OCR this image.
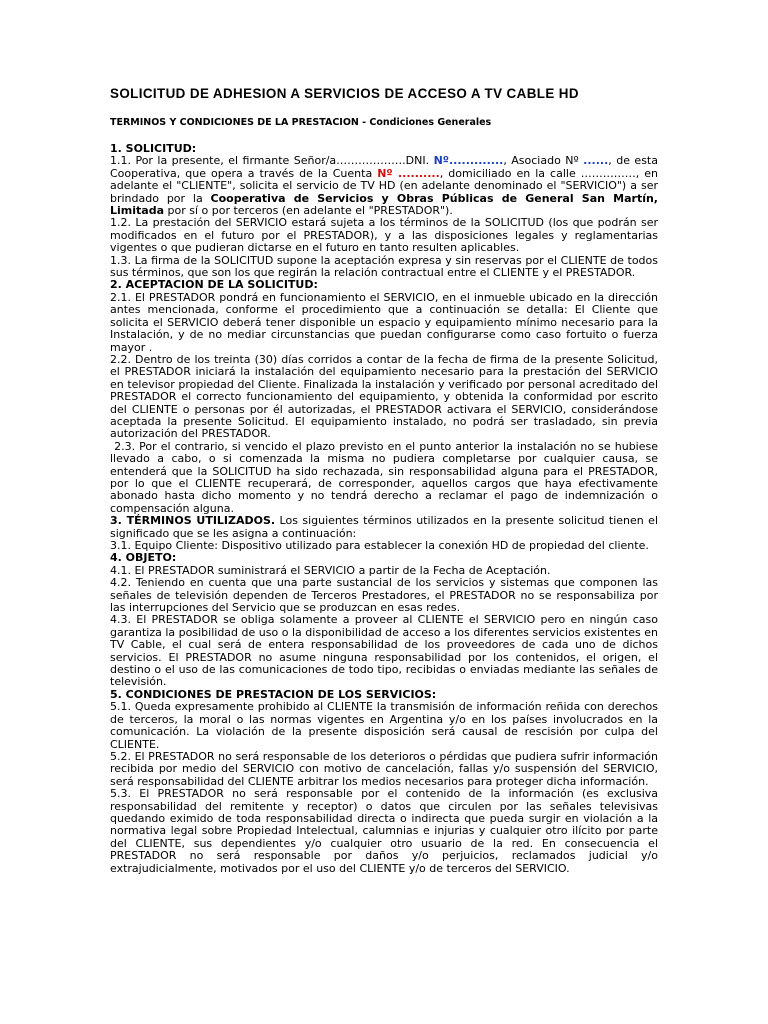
SOLICITUD DE ADHESION A SERVICIOS DE ACCESO A TV CABLE HD
TERMINOS Y CONDICIONES DE LA PRESTACION - Condiciones Generales
1. SOLICITUD:

1.1. Por la presente, el firmante Señor/a……………….DNI. Nº............., Asociado Nº ......, de esta Cooperativa, que opera a través de la Cuenta Nº .........., domiciliado en la calle ……………, en adelante el "CLIENTE", solicita el servicio de TV HD (en adelante denominado el "SERVICIO") a ser brindado por la Cooperativa de Servicios y Obras Públicas de General San Martín, Limitada por sí o por terceros (en adelante el "PRESTADOR").

1.2. La prestación del SERVICIO estará sujeta a los términos de la SOLICITUD (los que podrán ser modificados en el futuro por el PRESTADOR), y a las disposiciones legales y reglamentarias vigentes o que pudieran dictarse en el futuro en tanto resulten aplicables.

1.3. La firma de la SOLICITUD supone la aceptación expresa y sin reservas por el CLIENTE de todos sus términos, que son los que regirán la relación contractual entre el CLIENTE y el PRESTADOR.

2. ACEPTACION DE LA SOLICITUD:

2.1. El PRESTADOR pondrá en funcionamiento el SERVICIO, en el inmueble ubicado en la dirección antes mencionada, conforme el procedimiento que a continuación se detalla: El Cliente que solicita el SERVICIO deberá tener disponible un espacio y equipamiento mínimo necesario para la Instalación, y de no mediar circunstancias que puedan configurarse como caso fortuito o fuerza mayor .

2.2. Dentro de los treinta (30) días corridos a contar de la fecha de firma de la presente Solicitud, el PRESTADOR iniciará la instalación del equipamiento necesario para la prestación del SERVICIO en televisor propiedad del Cliente. Finalizada la instalación y verificado por personal acreditado del PRESTADOR el correcto funcionamiento del equipamiento, y obtenida la conformidad por escrito del CLIENTE o personas por él autorizadas, el PRESTADOR activara el SERVICIO, considerándose aceptada la presente Solicitud. El equipamiento instalado, no podrá ser trasladado, sin previa autorización del PRESTADOR.

2.3. Por el contrario, si vencido el plazo previsto en el punto anterior la instalación no se hubiese llevado a cabo, o si comenzada la misma no pudiera completarse por cualquier causa, se entenderá que la SOLICITUD ha sido rechazada, sin responsabilidad alguna para el PRESTADOR, por lo que el CLIENTE recuperará, de corresponder, aquellos cargos que haya efectivamente abonado hasta dicho momento y no tendrá derecho a reclamar el pago de indemnización o compensación alguna.

3. TÉRMINOS UTILIZADOS. Los siguientes términos utilizados en la presente solicitud tienen el significado que se les asigna a continuación:

3.1. Equipo Cliente: Dispositivo utilizado para establecer la conexión HD de propiedad del cliente.

4. OBJETO:

4.1. El PRESTADOR suministrará el SERVICIO a partir de la Fecha de Aceptación.

4.2. Teniendo en cuenta que una parte sustancial de los servicios y sistemas que componen las señales de televisión dependen de Terceros Prestadores, el PRESTADOR no se responsabiliza por las interrupciones del Servicio que se produzcan en esas redes.

4.3. El PRESTADOR se obliga solamente a proveer al CLIENTE el SERVICIO pero en ningún caso garantiza la posibilidad de uso o la disponibilidad de acceso a los diferentes servicios existentes en TV Cable, el cual será de entera responsabilidad de los proveedores de cada uno de dichos servicios. El PRESTADOR no asume ninguna responsabilidad por los contenidos, el origen, el destino o el uso de las comunicaciones de todo tipo, recibidas o enviadas mediante las señales de televisión.

5. CONDICIONES DE PRESTACION DE LOS SERVICIOS:

5.1. Queda expresamente prohibido al CLIENTE la transmisión de información reñida con derechos de terceros, la moral o las normas vigentes en Argentina y/o en los países involucrados en la comunicación. La violación de la presente disposición será causal de rescisión por culpa del CLIENTE.

5.2. El PRESTADOR no será responsable de los deterioros o pérdidas que pudiera sufrir información recibida por medio del SERVICIO con motivo de cancelación, fallas y/o suspensión del SERVICIO, será responsabilidad del CLIENTE arbitrar los medios necesarios para proteger dicha información.

5.3. El PRESTADOR no será responsable por el contenido de la información (es exclusiva responsabilidad del remitente y receptor) o datos que circulen por las señales televisivas quedando eximido de toda responsabilidad directa o indirecta que pueda surgir en violación a la normativa legal sobre Propiedad Intelectual, calumnias e injurias y cualquier otro ilícito por parte del CLIENTE, sus dependientes y/o cualquier otro usuario de la red. En consecuencia el PRESTADOR no será responsable por daños y/o perjuicios, reclamados judicial y/o extrajudicialmente, motivados por el uso del CLIENTE y/o de terceros del SERVICIO.
